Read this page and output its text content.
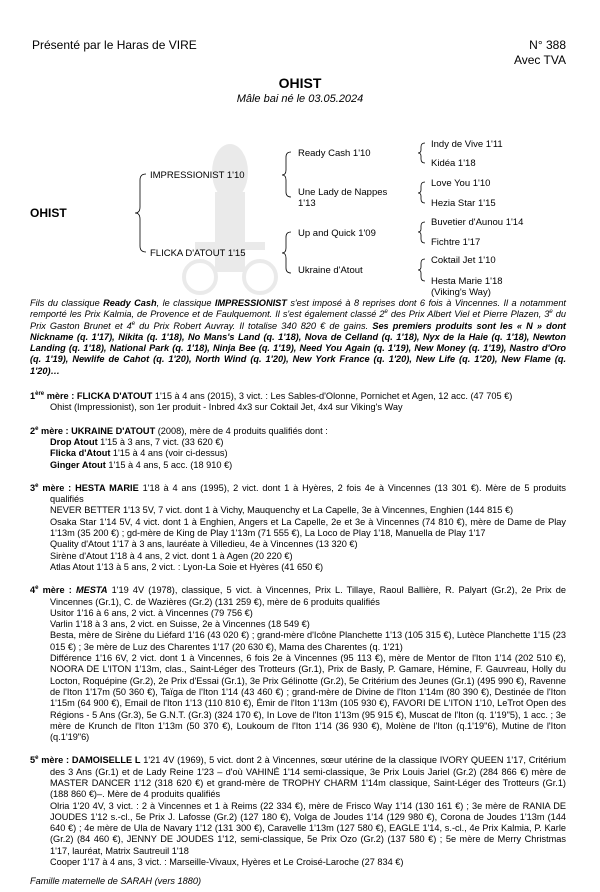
Présenté par le Haras de VIRE	N° 388
Avec TVA
OHIST
Mâle bai né le 03.05.2024
OHIST
IMPRESSIONIST 1'10
FLICKA D'ATOUT 1'15
Ready Cash 1'10
Une Lady de Nappes
1'13
Up and Quick 1'09
Ukraine d'Atout
Indy de Vive 1'11
Kidéa 1'18
Love You 1'10
Hezia Star 1'15
Buvetier d'Aunou 1'14
Fichtre 1'17
Coktail Jet 1'10
Hesta Marie 1'18
(Viking's Way)

Fils du classique Ready Cash, le classique IMPRESSIONIST s'est imposé à 8 reprises dont 6 fois à Vincennes. Il a notamment remporté les Prix Kalmia, de Provence et de Faulquemont. Il s'est également classé 2e des Prix Albert Viel et Pierre Plazen, 3e du Prix Gaston Brunet et 4e du Prix Robert Auvray. Il totalise 340 820 € de gains. Ses premiers produits sont les « N » dont Nickname (q. 1'17), Nikita (q. 1'18), No Mans's Land (q. 1'18), Nova de Celland (q. 1'18), Nyx de la Haie (q. 1'18), Newton Landing (q. 1'18), National Park (q. 1'18), Ninja Bee (q. 1'19), Need You Again (q. 1'19), New Money (q. 1'19), Nastro d'Oro (q. 1'19), Newlife de Cahot (q. 1'20), North Wind (q. 1'20), New York France (q. 1'20), New Life (q. 1'20), New Flame (q. 1'20)…

1ère mère : FLICKA D'ATOUT 1'15 à 4 ans (2015), 3 vict. : Les Sables-d'Olonne, Pornichet et Agen, 12 acc. (47 705 €)

Ohist (Impressionist), son 1er produit - Inbred 4x3 sur Coktail Jet, 4x4 sur Viking's Way

2e mère : UKRAINE D'ATOUT (2008), mère de 4 produits qualifiés dont :

Drop Atout 1'15 à 3 ans, 7 vict. (33 620 €)

Flicka d'Atout 1'15 à 4 ans (voir ci-dessus)

Ginger Atout 1'15 à 4 ans, 5 acc. (18 910 €)

3e mère : HESTA MARIE 1'18 à 4 ans (1995), 2 vict. dont 1 à Hyères, 2 fois 4e à Vincennes (13 301 €). Mère de 5 produits qualifiés

NEVER BETTER 1'13 5V, 7 vict. dont 1 à Vichy, Mauquenchy et La Capelle, 3e à Vincennes, Enghien (144 815 €)

Osaka Star 1'14 5V, 4 vict. dont 1 à Enghien, Angers et La Capelle, 2e et 3e à Vincennes (74 810 €), mère de Dame de Play 1'13m (35 200 €) ; gd-mère de King de Play 1'13m (71 555 €), La Loco de Play 1'18, Manuella de Play 1'17

Quality d'Atout 1'17 à 3 ans, lauréate à Villedieu, 4e à Vincennes (13 320 €)

Sirène d'Atout 1'18 à 4 ans, 2 vict. dont 1 à Agen (20 220 €)

Atlas Atout 1'13 à 5 ans, 2 vict. : Lyon-La Soie et Hyères (41 650 €)

4e mère : MESTA 1'19 4V (1978), classique, 5 vict. à Vincennes, Prix L. Tillaye, Raoul Ballière, R. Palyart (Gr.2), 2e Prix de Vincennes (Gr.1), C. de Wazières (Gr.2) (131 259 €), mère de 6 produits qualifiés

Usitor 1'16 à 6 ans, 2 vict. à Vincennes (79 756 €)

Varlin 1'18 à 3 ans, 2 vict. en Suisse, 2e à Vincennes (18 549 €)

Besta, mère de Sirène du Liéfard 1'16 (43 020 €) ; grand-mère d'Icône Planchette 1'13 (105 315 €), Lutèce Planchette 1'15 (23 015 €) ; 3e mère de Luz des Charentes 1'17 (20 630 €), Mama des Charentes (q. 1'21)

Différence 1'16 6V, 2 vict. dont 1 à Vincennes, 6 fois 2e à Vincennes (95 113 €), mère de Mentor de l'Iton 1'14 (202 510 €), NOORA DE L'ITON 1'13m, clas., Saint-Léger des Trotteurs (Gr.1), Prix de Basly, P. Gamare, Hémine, F. Gauvreau, Holly du Locton, Roquépine (Gr.2), 2e Prix d'Essai (Gr.1), 3e Prix Gélinotte (Gr.2), 5e Critérium des Jeunes (Gr.1) (495 990 €), Ravenne de l'Iton 1'17m (50 360 €), Taïga de l'Iton 1'14 (43 460 €) ; grand-mère de Divine de l'Iton 1'14m (80 390 €), Destinée de l'Iton 1'15m (64 900 €), Email de l'Iton 1'13 (110 810 €), Émir de l'Iton 1'13m (105 930 €), FAVORI DE L'ITON 1'10, LeTrot Open des Régions - 5 Ans (Gr.3), 5e G.N.T. (Gr.3) (324 170 €), In Love de l'Iton 1'13m (95 915 €), Muscat de l'Iton (q. 1'19"5), 1 acc. ; 3e mère de Krunch de l'Iton 1'13m (50 370 €), Loukoum de l'Iton 1'14 (36 930 €), Molène de l'Iton (q.1'19"6), Mutine de l'Iton (q.1'19"6)

5e mère : DAMOISELLE L 1'21 4V (1969), 5 vict. dont 2 à Vincennes, sœur utérine de la classique IVORY QUEEN 1'17, Critérium des 3 Ans (Gr.1) et de Lady Reine 1'23 – d'où VAHINÉ 1'14 semi-classique, 3e Prix Louis Jariel (Gr.2) (284 866 €) mère de MASTER DANCER 1'12 (318 620 €) et grand-mère de TROPHY CHARM 1'14m classique, Saint-Léger des Trotteurs (Gr.1) (188 860 €)–. Mère de 4 produits qualifiés

Olria 1'20 4V, 3 vict. : 2 à Vincennes et 1 à Reims (22 334 €), mère de Frisco Way 1'14 (130 161 €) ; 3e mère de RANIA DE JOUDES 1'12 s.-cl., 5e Prix J. Lafosse (Gr.2) (127 180 €), Volga de Joudes 1'14 (129 980 €), Corona de Joudes 1'13m (144 640 €) ; 4e mère de Ula de Navary 1'12 (131 300 €), Caravelle 1'13m (127 580 €), EAGLE 1'14, s.-cl., 4e Prix Kalmia, P. Karle (Gr.2) (84 460 €), JENNY DE JOUDES 1'12, semi-classique, 5e Prix Ozo (Gr.2) (137 580 €) ; 5e mère de Merry Christmas 1'17, lauréat, Matrix Sautreuil 1'18

Cooper 1'17 à 4 ans, 3 vict. : Marseille-Vivaux, Hyères et Le Croisé-Laroche (27 834 €)

Famille maternelle de SARAH (vers 1880)
